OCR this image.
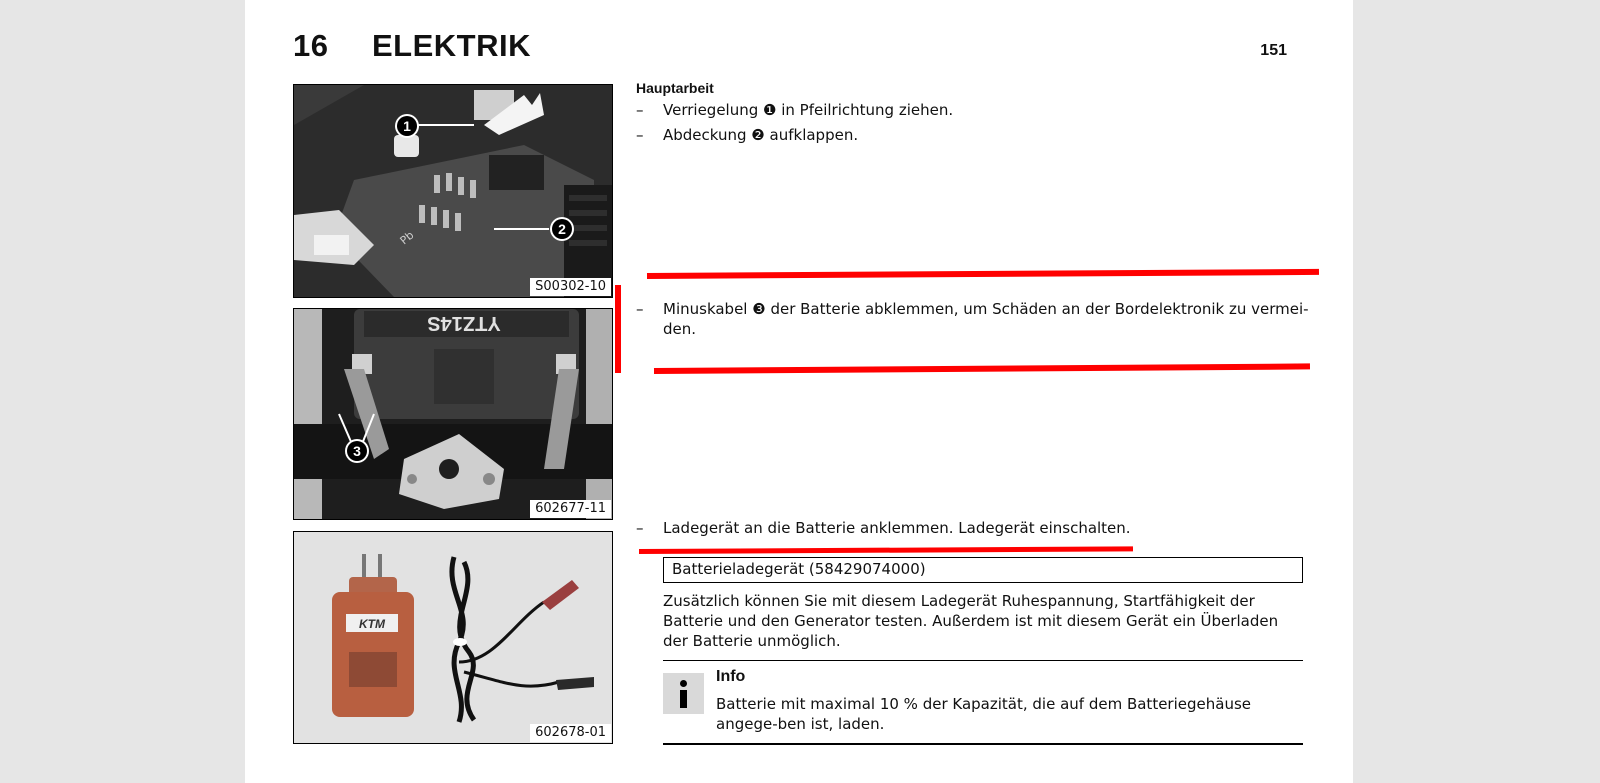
16 ELEKTRIK	151
Pb
1
2
S00302-10
YTZ14S
3
602677-11
KTM
602678-01
Hauptarbeit
– Verriegelung ❶ in Pfeilrichtung ziehen.
– Abdeckung ❷ aufklappen.
– Minuskabel ❸ der Batterie abklemmen, um Schäden an der Bordelektronik zu vermei-den.
– Ladegerät an die Batterie anklemmen. Ladegerät einschalten.
Batterieladegerät (58429074000)
Zusätzlich können Sie mit diesem Ladegerät Ruhespannung, Startfähigkeit der Batterie und den Generator testen. Außerdem ist mit diesem Gerät ein Überladen der Batterie unmöglich.
Info
Batterie mit maximal 10 % der Kapazität, die auf dem Batteriegehäuse angege-ben ist, laden.
